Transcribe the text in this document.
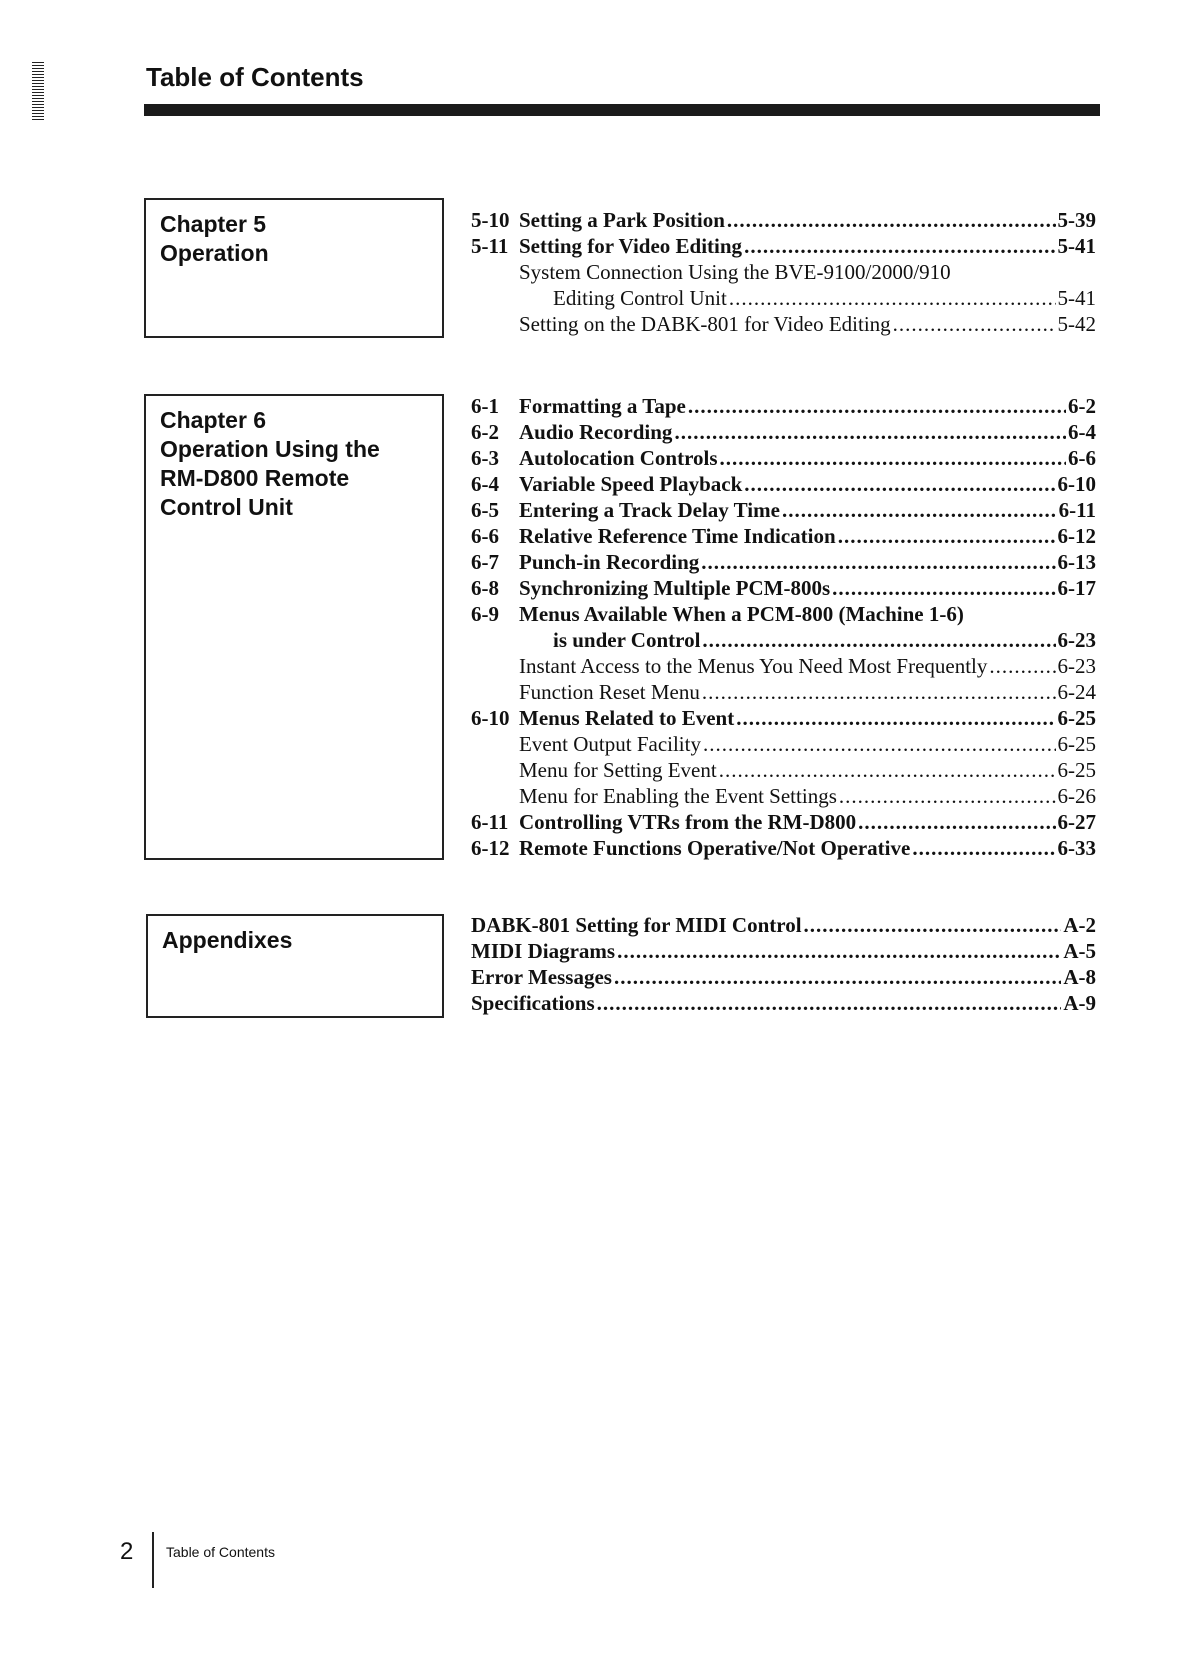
Table of Contents
Chapter 5
Operation
5-10 Setting a Park Position .....	5-39
5-11 Setting for Video Editing .....	5-41
System Connection Using the BVE-9100/2000/910
Editing Control Unit .....	5-41
Setting on the DABK-801 for Video Editing .....	5-42
Chapter 6
Operation Using the
RM-D800 Remote
Control Unit
6-1 Formatting a Tape .....	6-2
6-2 Audio Recording .....	6-4
6-3 Autolocation Controls .....	6-6
6-4 Variable Speed Playback .....	6-10
6-5 Entering a Track Delay Time .....	6-11
6-6 Relative Reference Time Indication .....	6-12
6-7 Punch-in Recording .....	6-13
6-8 Synchronizing Multiple PCM-800s .....	6-17
6-9 Menus Available When a PCM-800 (Machine 1-6)
is under Control .....	6-23
Instant Access to the Menus You Need Most Frequently .....	6-23
Function Reset Menu .....	6-24
6-10 Menus Related to Event .....	6-25
Event Output Facility .....	6-25
Menu for Setting Event .....	6-25
Menu for Enabling the Event Settings .....	6-26
6-11 Controlling VTRs from the RM-D800 .....	6-27
6-12 Remote Functions Operative/Not Operative .....	6-33
Appendixes
DABK-801 Setting for MIDI Control .....	A-2
MIDI Diagrams .....	A-5
Error Messages .....	A-8
Specifications .....	A-9
2 Table of Contents
